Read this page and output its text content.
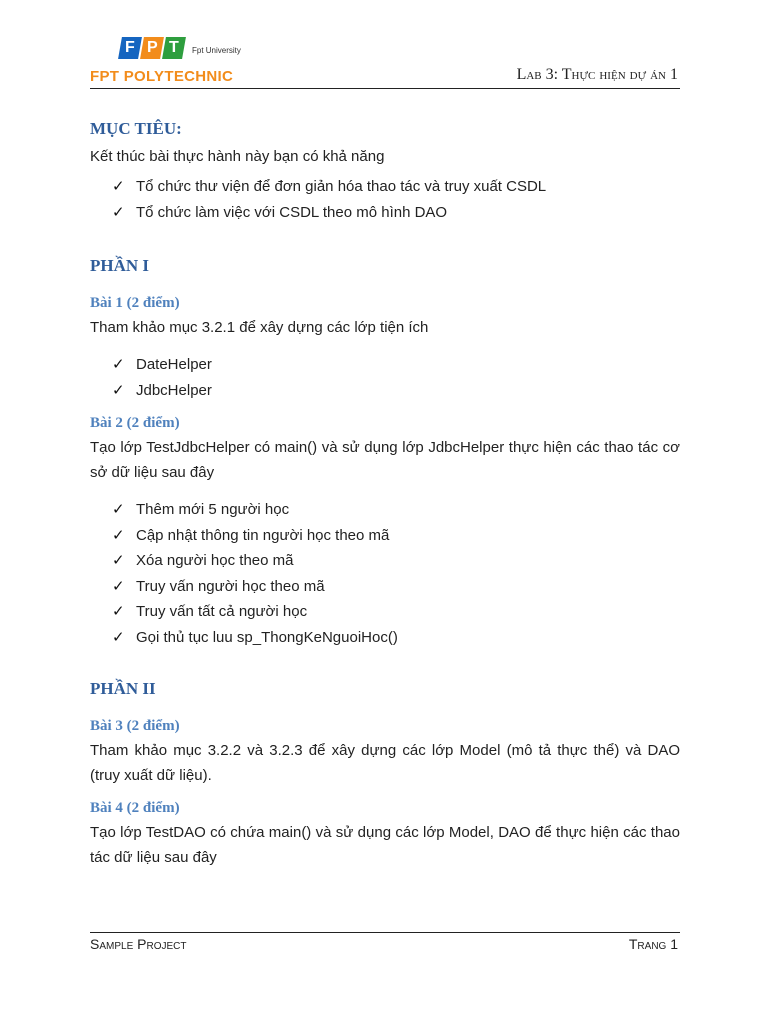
F P T Fpt University
FPT POLYTECHNIC	Lab 3: Thực hiện dự án 1

MỤC TIÊU:

Kết thúc bài thực hành này bạn có khả năng

✓ Tổ chức thư viện để đơn giản hóa thao tác và truy xuất CSDL
✓ Tổ chức làm việc với CSDL theo mô hình DAO

PHẦN I

Bài 1 (2 điểm)

Tham khảo mục 3.2.1 để xây dựng các lớp tiện ích

✓ DateHelper
✓ JdbcHelper

Bài 2 (2 điểm)

Tạo lớp TestJdbcHelper có main() và sử dụng lớp JdbcHelper thực hiện các thao tác cơ sở dữ liệu sau đây

✓ Thêm mới 5 người học
✓ Cập nhật thông tin người học theo mã
✓ Xóa người học theo mã
✓ Truy vấn người học theo mã
✓ Truy vấn tất cả người học
✓ Gọi thủ tục luu sp_ThongKeNguoiHoc()

PHẦN II

Bài 3 (2 điểm)

Tham khảo mục 3.2.2 và 3.2.3 để xây dựng các lớp Model (mô tả thực thể) và DAO (truy xuất dữ liệu).

Bài 4 (2 điểm)

Tạo lớp TestDAO có chứa main() và sử dụng các lớp Model, DAO để thực hiện các thao tác dữ liệu sau đây

Sample Project	Trang 1
